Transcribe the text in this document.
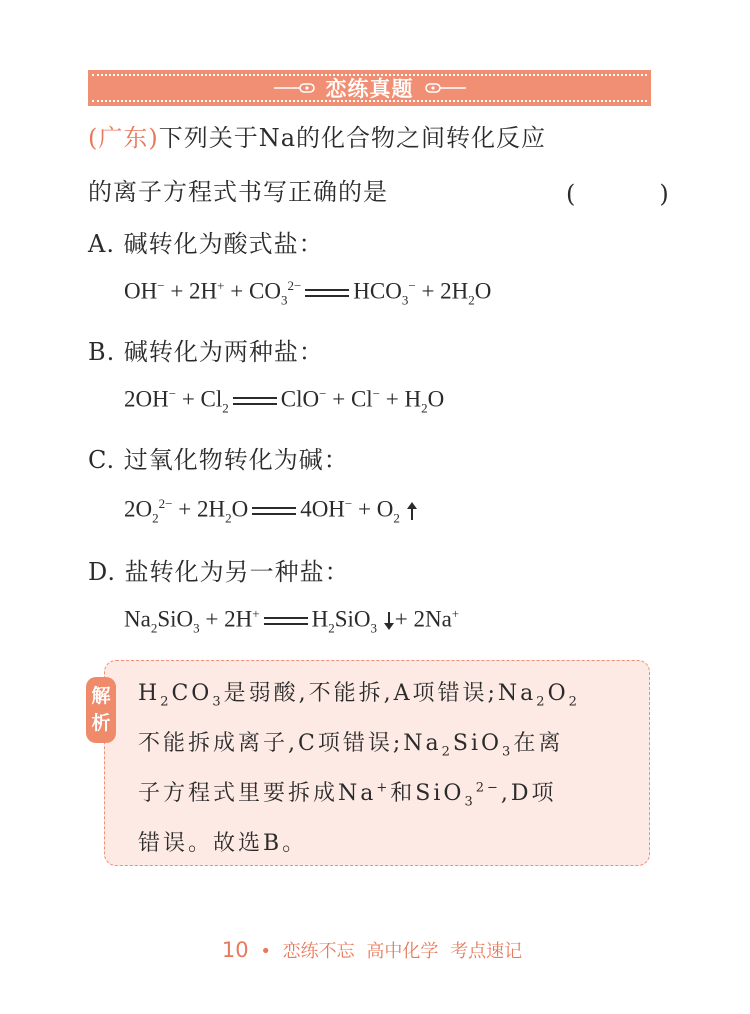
恋练真题
(广东)下列关于Na的化合物之间转化反应
的离子方程式书写正确的是	(　)
A. 碱转化为酸式盐：
$OH^- + 2H^+ + CO_3^{2-}$ $HCO_3^- + 2H_2O$
B. 碱转化为两种盐：
$2OH^- + Cl_2$ $ClO^- + Cl^- + H_2O$
C. 过氧化物转化为碱：
$2O_2^{2-} + 2H_2O$ $4OH^- + O_2$
D. 盐转化为另一种盐：
$Na_2SiO_3 + 2H^+$ $H_2SiO_3 + 2Na^+$
解析
$H_2CO_3$是弱酸,不能拆,A项错误$;Na_2O_2$
不能拆成离子,C项错误$;Na_2SiO_3$在离
子方程式里要拆成Na+和SiO$_3^{2-}$,D项
错误。故选B。
10 • 恋练不忘 高中化学 考点速记
